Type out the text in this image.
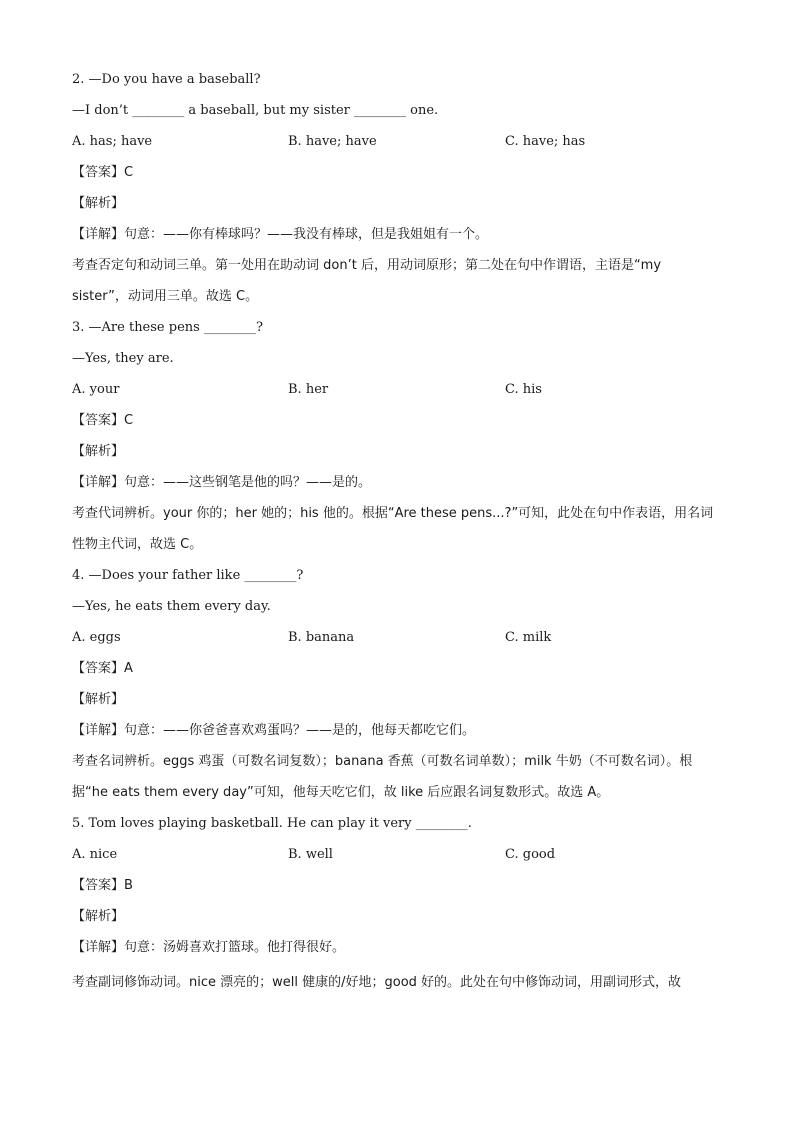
2. —Do you have a baseball?
—I don’t ________ a baseball, but my sister ________ one.
A. has; have	B. have; have	C. have; has
【答案】C
【解析】
【详解】句意：——你有棒球吗？——我没有棒球，但是我姐姐有一个。
考查否定句和动词三单。第一处用在助动词 don’t 后，用动词原形；第二处在句中作谓语，主语是“my
sister”，动词用三单。故选 C。
3. —Are these pens ________?
—Yes, they are.
A. your	B. her	C. his
【答案】C
【解析】
【详解】句意：——这些钢笔是他的吗？——是的。
考查代词辨析。your 你的；her 她的；his 他的。根据“Are these pens...?”可知，此处在句中作表语，用名词
性物主代词，故选 C。
4. —Does your father like ________?
—Yes, he eats them every day.
A. eggs	B. banana	C. milk
【答案】A
【解析】
【详解】句意：——你爸爸喜欢鸡蛋吗？——是的，他每天都吃它们。
考查名词辨析。eggs 鸡蛋（可数名词复数）；banana 香蕉（可数名词单数）；milk 牛奶（不可数名词）。根
据“he eats them every day”可知，他每天吃它们，故 like 后应跟名词复数形式。故选 A。
5. Tom loves playing basketball. He can play it very ________.
A. nice	B. well	C. good
【答案】B
【解析】
【详解】句意：汤姆喜欢打篮球。他打得很好。
考查副词修饰动词。nice 漂亮的；well 健康的/好地；good 好的。此处在句中修饰动词，用副词形式，故
